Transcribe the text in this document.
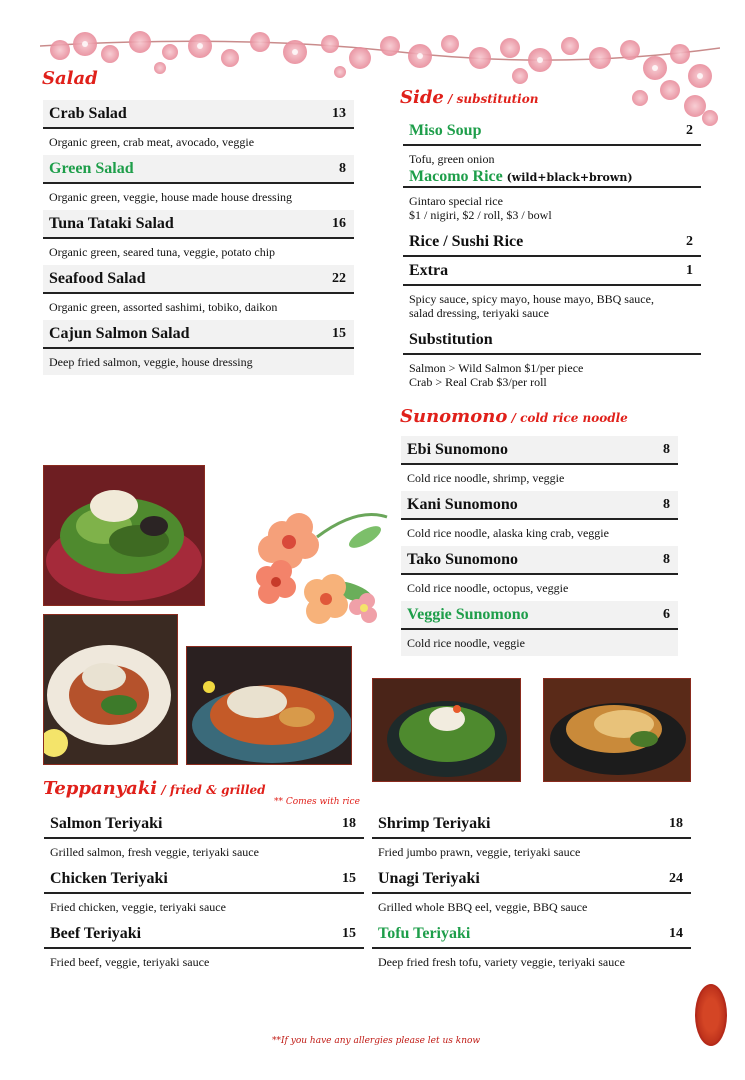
Salad
Crab Salad	13
Organic green, crab meat, avocado, veggie
Green Salad	8
Organic green, veggie, house made house dressing
Tuna Tataki Salad	16
Organic green, seared tuna, veggie, potato chip
Seafood Salad	22
Organic green, assorted sashimi, tobiko, daikon
Cajun Salmon Salad	15
Deep fried salmon, veggie, house dressing
Side / substitution
Miso Soup	2
Tofu, green onion
Macomo Rice (wild+black+brown)
Gintaro special rice
$1 / nigiri, $2 / roll, $3 / bowl
Rice / Sushi Rice	2
Extra	1
Spicy sauce, spicy mayo, house mayo, BBQ sauce,
salad dressing, teriyaki sauce
Substitution
Salmon > Wild Salmon $1/per piece
Crab > Real Crab $3/per roll
Sunomono / cold rice noodle
Ebi Sunomono	8
Cold rice noodle, shrimp, veggie
Kani Sunomono	8
Cold rice noodle, alaska king crab, veggie
Tako Sunomono	8
Cold rice noodle, octopus, veggie
Veggie Sunomono	6
Cold rice noodle, veggie
Teppanyaki / fried & grilled
** Comes with rice
Salmon Teriyaki	18
Grilled salmon, fresh veggie, teriyaki sauce
Chicken Teriyaki	15
Fried chicken, veggie, teriyaki sauce
Beef Teriyaki	15
Fried beef, veggie, teriyaki sauce
Shrimp Teriyaki	18
Fried jumbo prawn, veggie, teriyaki sauce
Unagi Teriyaki	24
Grilled whole BBQ eel, veggie, BBQ sauce
Tofu Teriyaki	14
Deep fried fresh tofu, variety veggie, teriyaki sauce
**If you have any allergies please let us know
